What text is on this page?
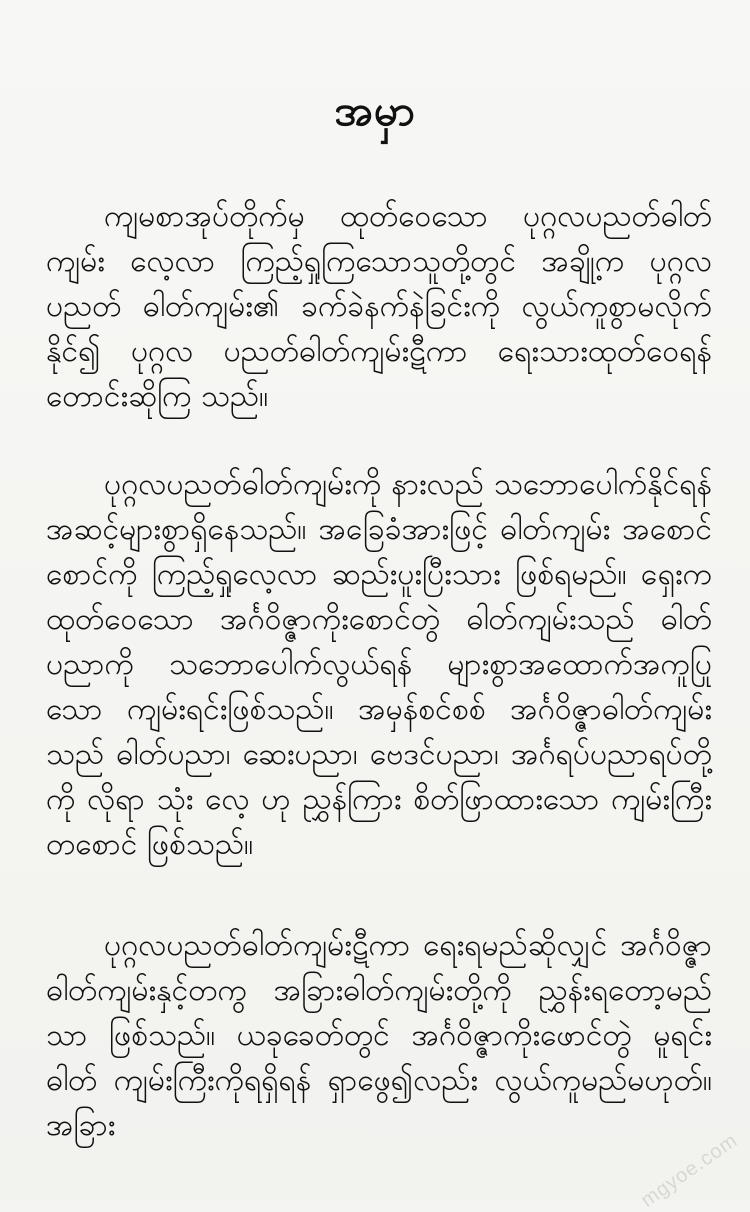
အမှာ
ကျမစာအုပ်တိုက်မှ ထုတ်ဝေသော ပုဂ္ဂလပညတ်ဓါတ်ကျမ်း လေ့လာ ကြည့်ရှုကြသောသူတို့တွင် အချို့က ပုဂ္ဂလပညတ် ဓါတ်ကျမ်း၏ ခက်ခဲနက်နဲခြင်းကို လွယ်ကူစွာမလိုက်နိုင်၍ ပုဂ္ဂလ ပညတ်ဓါတ်ကျမ်းဋီကာ ရေးသားထုတ်ဝေရန် တောင်းဆိုကြ သည်။
ပုဂ္ဂလပညတ်ဓါတ်ကျမ်းကို နားလည် သဘောပေါက်နိုင်ရန် အဆင့်များစွာရှိနေသည်။ အခြေခံအားဖြင့် ဓါတ်ကျမ်း အစောင် စောင်ကို ကြည့်ရှုလေ့လာ ဆည်းပူးပြီးသား ဖြစ်ရမည်။ ရှေးက ထုတ်ဝေသော အင်္ဂဝိဇ္ဇာကိုးစောင်တွဲ ဓါတ်ကျမ်းသည် ဓါတ် ပညာကို သဘောပေါက်လွယ်ရန် များစွာအထောက်အကူပြု သော ကျမ်းရင်းဖြစ်သည်။ အမှန်စင်စစ် အင်္ဂဝိဇ္ဇာဓါတ်ကျမ်း သည် ဓါတ်ပညာ၊ ဆေးပညာ၊ ဗေဒင်ပညာ၊ အင်္ဂရပ်ပညာရပ်တို့ကို လိုရာ သုံး လေ့ ဟု ညွှန်ကြား စိတ်ဖြာထားသော ကျမ်းကြီး တစောင် ဖြစ်သည်။
ပုဂ္ဂလပညတ်ဓါတ်ကျမ်းဋီကာ ရေးရမည်ဆိုလျှင် အင်္ဂဝိဇ္ဇာ ဓါတ်ကျမ်းနှင့်တကွ အခြားဓါတ်ကျမ်းတို့ကို ညွှန်းရတော့မည် သာ ဖြစ်သည်။ ယခုခေတ်တွင် အင်္ဂဝိဇ္ဇာကိုးဖောင်တွဲ မူရင်းဓါတ် ကျမ်းကြီးကိုရရှိရန် ရှာဖွေ၍လည်း လွယ်ကူမည်မဟုတ်။ အခြား
mgyoe.com
